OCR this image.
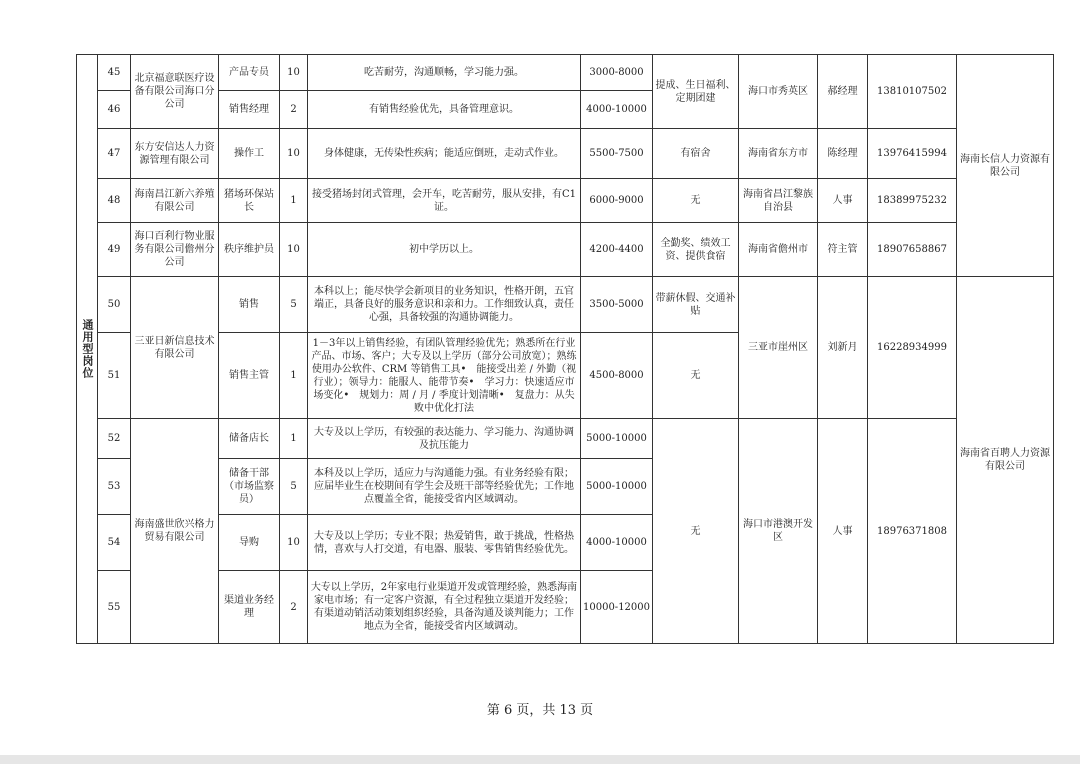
通用型岗位	45	北京福意联医疗设备有限公司海口分公司	产品专员	10	吃苦耐劳，沟通顺畅，学习能力强。	3000-8000	提成、生日福利、定期团建	海口市秀英区	郝经理	13810107502	海南长信人力资源有限公司
	46		销售经理	2	有销售经验优先，具备管理意识。	4000-10000					
	47	东方安信达人力资源管理有限公司	操作工	10	身体健康，无传染性疾病；能适应倒班，走动式作业。	5500-7500	有宿舍	海南省东方市	陈经理	13976415994	
	48	海南昌江新六养殖有限公司	猪场环保站长	1	接受猪场封闭式管理，会开车，吃苦耐劳，服从安排，有C1证。	6000-9000	无	海南省昌江黎族自治县	人事	18389975232	
	49	海口百利行物业服务有限公司儋州分公司	秩序维护员	10	初中学历以上。	4200-4400	全勤奖、绩效工资、提供食宿	海南省儋州市	符主管	18907658867	
	50	三亚日新信息技术有限公司	销售	5	本科以上；能尽快学会新项目的业务知识，性格开朗，五官端正，具备良好的服务意识和亲和力。工作细致认真，责任心强，具备较强的沟通协调能力。	3500-5000	带薪休假、交通补贴	三亚市崖州区	刘新月	16228934999	海南省百聘人力资源有限公司
	51		销售主管	1	1－3年以上销售经验，有团队管理经验优先；熟悉所在行业产品、市场、客户；大专及以上学历（部分公司放宽）；熟练使用办公软件、CRM 等销售工具•　能接受出差 / 外勤（视行业）；领导力：能服人、能带节奏•　学习力：快速适应市场变化•　规划力：周 / 月 / 季度计划清晰•　复盘力：从失败中优化打法	4500-8000	无				
	52	海南盛世欣兴格力贸易有限公司	储备店长	1	大专及以上学历，有较强的表达能力、学习能力、沟通协调及抗压能力	5000-10000	无	海口市港澳开发区	人事	18976371808	
	53		储备干部（市场监察员）	5	本科及以上学历，适应力与沟通能力强。有业务经验有限；应届毕业生在校期间有学生会及班干部等经验优先；工作地点覆盖全省，能接受省内区域调动。	5000-10000					
	54		导购	10	大专及以上学历；专业不限；热爱销售，敢于挑战，性格热情，喜欢与人打交道，有电器、服装、零售销售经验优先。	4000-10000					
	55		渠道业务经理	2	大专以上学历，2年家电行业渠道开发或管理经验，熟悉海南家电市场；有一定客户资源，有全过程独立渠道开发经验；有渠道动销活动策划组织经验，具备沟通及谈判能力；工作地点为全省，能接受省内区域调动。	10000-12000					
第 6 页，共 13 页
